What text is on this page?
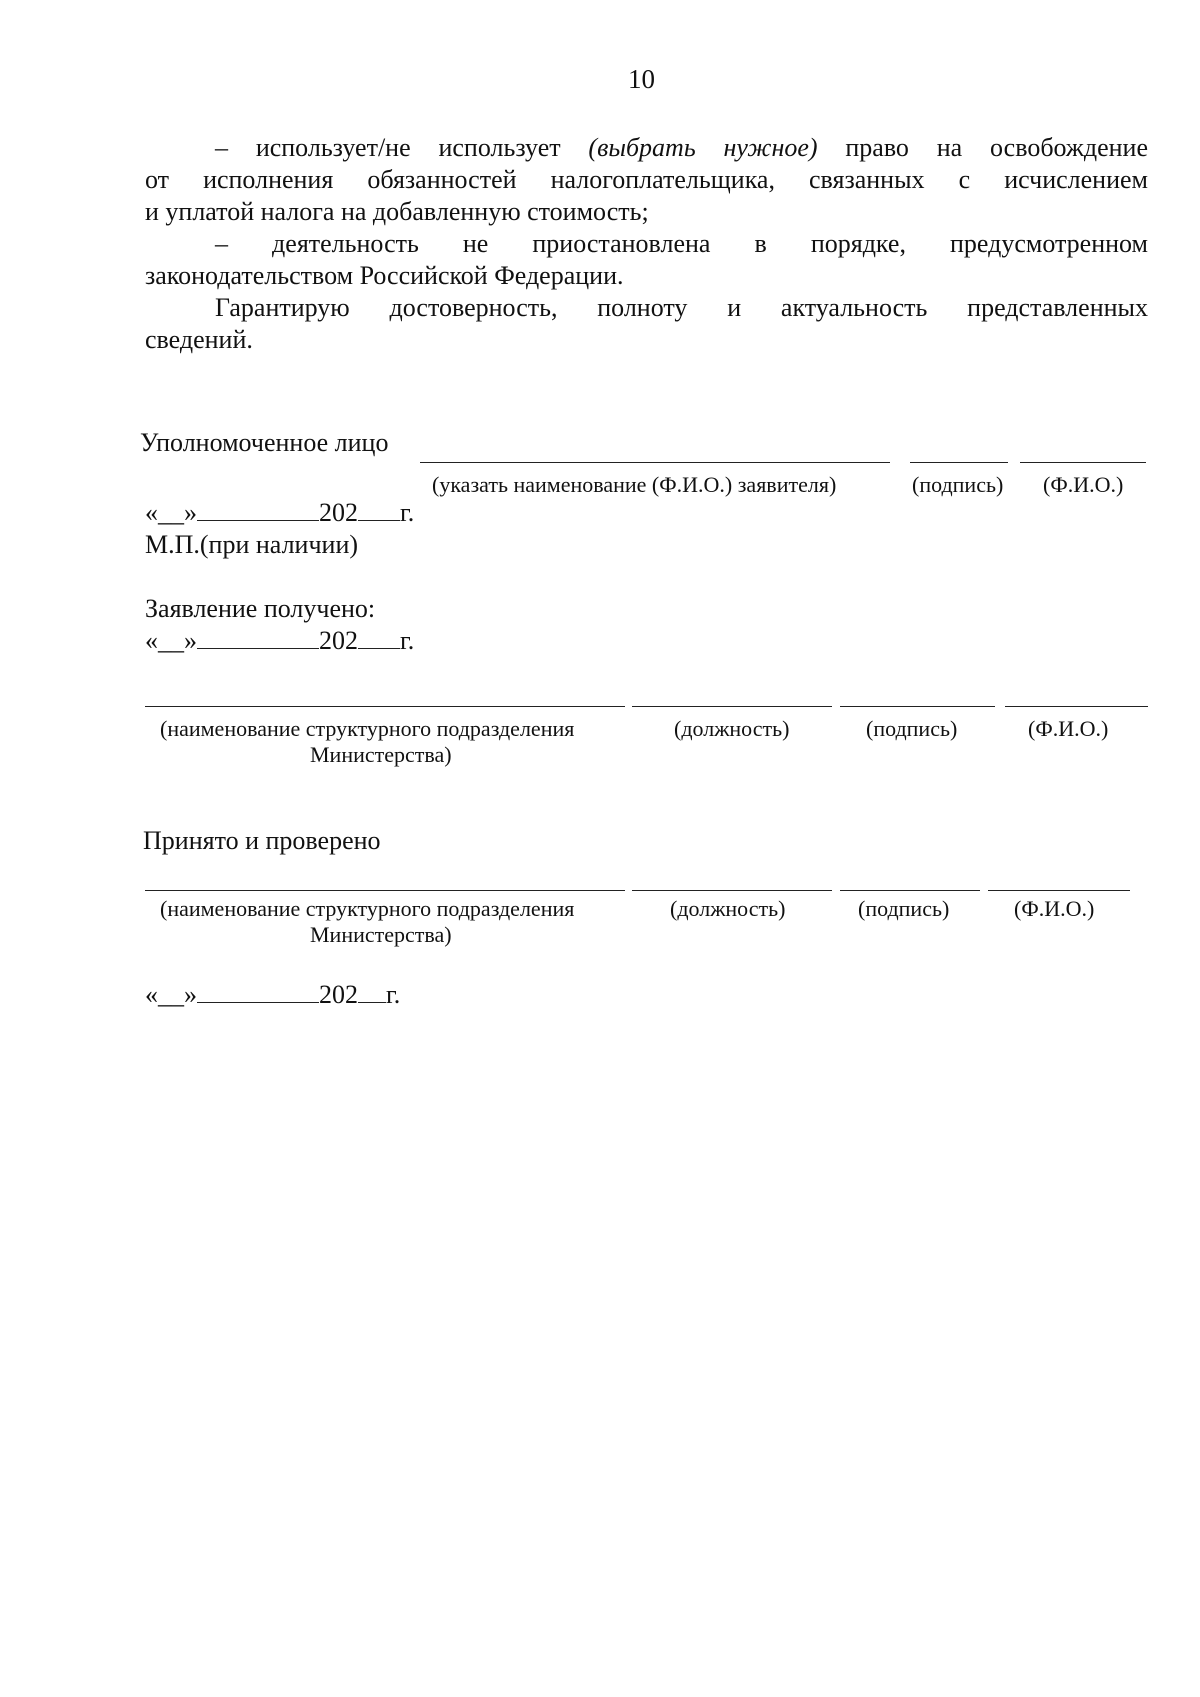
10
– использует/не использует (выбрать нужное) право на освобождение
от исполнения обязанностей налогоплательщика, связанных с исчислением
и уплатой налога на добавленную стоимость;
– деятельность не приостановлена в порядке, предусмотренном
законодательством Российской Федерации.
Гарантирую достоверность, полноту и актуальность представленных
сведений.
Уполномоченное лицо
(указать наименование (Ф.И.О.) заявителя)	(подпись) (Ф.И.О.)
«__»	202 г.
М.П.(при наличии)
Заявление получено:
«__»	202 г.
(наименование структурного подразделения
Министерства)
(должность)	(подпись)	(Ф.И.О.)
Принято и проверено
(наименование структурного подразделения
Министерства)
(должность)	(подпись)	(Ф.И.О.)
«__»	202 г.
